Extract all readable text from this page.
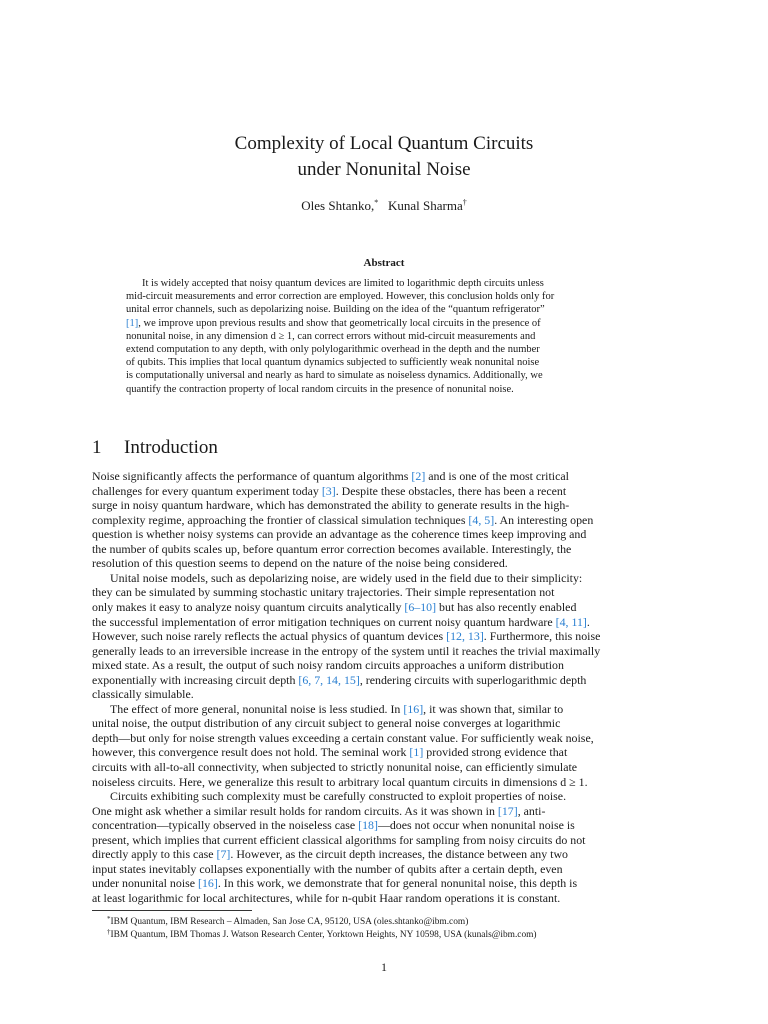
Complexity of Local Quantum Circuits
under Nonunital Noise
Oles Shtanko,* Kunal Sharma†
Abstract
It is widely accepted that noisy quantum devices are limited to logarithmic depth circuits unless
mid-circuit measurements and error correction are employed. However, this conclusion holds only for
unital error channels, such as depolarizing noise. Building on the idea of the “quantum refrigerator”
[1], we improve upon previous results and show that geometrically local circuits in the presence of
nonunital noise, in any dimension d ≥ 1, can correct errors without mid-circuit measurements and
extend computation to any depth, with only polylogarithmic overhead in the depth and the number
of qubits. This implies that local quantum dynamics subjected to sufficiently weak nonunital noise
is computationally universal and nearly as hard to simulate as noiseless dynamics. Additionally, we
quantify the contraction property of local random circuits in the presence of nonunital noise.
1 Introduction
Noise significantly affects the performance of quantum algorithms [2] and is one of the most critical
challenges for every quantum experiment today [3]. Despite these obstacles, there has been a recent
surge in noisy quantum hardware, which has demonstrated the ability to generate results in the high-
complexity regime, approaching the frontier of classical simulation techniques [4, 5]. An interesting open
question is whether noisy systems can provide an advantage as the coherence times keep improving and
the number of qubits scales up, before quantum error correction becomes available. Interestingly, the
resolution of this question seems to depend on the nature of the noise being considered.
Unital noise models, such as depolarizing noise, are widely used in the field due to their simplicity:
they can be simulated by summing stochastic unitary trajectories. Their simple representation not
only makes it easy to analyze noisy quantum circuits analytically [6–10] but has also recently enabled
the successful implementation of error mitigation techniques on current noisy quantum hardware [4, 11].
However, such noise rarely reflects the actual physics of quantum devices [12, 13]. Furthermore, this noise
generally leads to an irreversible increase in the entropy of the system until it reaches the trivial maximally
mixed state. As a result, the output of such noisy random circuits approaches a uniform distribution
exponentially with increasing circuit depth [6, 7, 14, 15], rendering circuits with superlogarithmic depth
classically simulable.
The effect of more general, nonunital noise is less studied. In [16], it was shown that, similar to
unital noise, the output distribution of any circuit subject to general noise converges at logarithmic
depth—but only for noise strength values exceeding a certain constant value. For sufficiently weak noise,
however, this convergence result does not hold. The seminal work [1] provided strong evidence that
circuits with all-to-all connectivity, when subjected to strictly nonunital noise, can efficiently simulate
noiseless circuits. Here, we generalize this result to arbitrary local quantum circuits in dimensions d ≥ 1.
Circuits exhibiting such complexity must be carefully constructed to exploit properties of noise.
One might ask whether a similar result holds for random circuits. As it was shown in [17], anti-
concentration—typically observed in the noiseless case [18]—does not occur when nonunital noise is
present, which implies that current efficient classical algorithms for sampling from noisy circuits do not
directly apply to this case [7]. However, as the circuit depth increases, the distance between any two
input states inevitably collapses exponentially with the number of qubits after a certain depth, even
under nonunital noise [16]. In this work, we demonstrate that for general nonunital noise, this depth is
at least logarithmic for local architectures, while for n-qubit Haar random operations it is constant.
*IBM Quantum, IBM Research – Almaden, San Jose CA, 95120, USA (oles.shtanko@ibm.com)
†IBM Quantum, IBM Thomas J. Watson Research Center, Yorktown Heights, NY 10598, USA (kunals@ibm.com)
1
